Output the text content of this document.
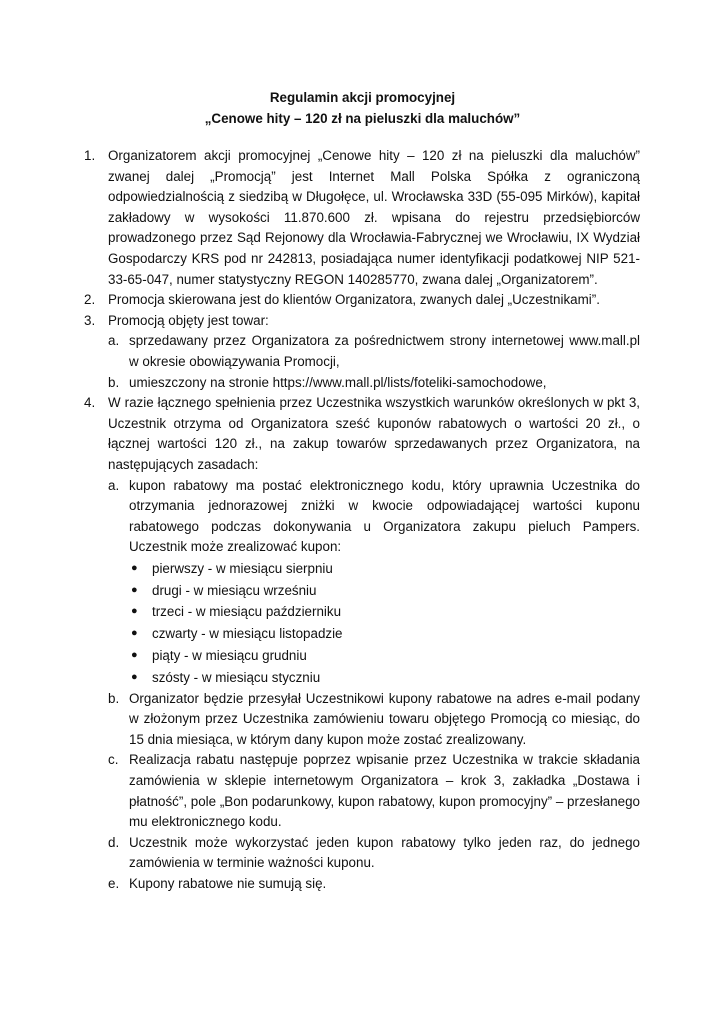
Regulamin akcji promocyjnej
„Cenowe hity – 120 zł na pieluszki dla maluchów”
1. Organizatorem akcji promocyjnej „Cenowe hity – 120 zł na pieluszki dla maluchów” zwanej dalej „Promocją” jest Internet Mall Polska Spółka z ograniczoną odpowiedzialnością z siedzibą w Długołęce, ul. Wrocławska 33D (55-095 Mirków), kapitał zakładowy w wysokości 11.870.600 zł. wpisana do rejestru przedsiębiorców prowadzonego przez Sąd Rejonowy dla Wrocławia-Fabrycznej we Wrocławiu, IX Wydział Gospodarczy KRS pod nr 242813, posiadająca numer identyfikacji podatkowej NIP 521-33-65-047, numer statystyczny REGON 140285770, zwana dalej „Organizatorem”.
2. Promocja skierowana jest do klientów Organizatora, zwanych dalej „Uczestnikami”.
3. Promocją objęty jest towar:
a. sprzedawany przez Organizatora za pośrednictwem strony internetowej www.mall.pl w okresie obowiązywania Promocji,
b. umieszczony na stronie https://www.mall.pl/lists/foteliki-samochodowe,
4. W razie łącznego spełnienia przez Uczestnika wszystkich warunków określonych w pkt 3, Uczestnik otrzyma od Organizatora sześć kuponów rabatowych o wartości 20 zł., o łącznej wartości 120 zł., na zakup towarów sprzedawanych przez Organizatora, na następujących zasadach:
a. kupon rabatowy ma postać elektronicznego kodu, który uprawnia Uczestnika do otrzymania jednorazowej zniżki w kwocie odpowiadającej wartości kuponu rabatowego podczas dokonywania u Organizatora zakupu pieluch Pampers. Uczestnik może zrealizować kupon:
● pierwszy - w miesiącu sierpniu
● drugi - w miesiącu wrześniu
● trzeci - w miesiącu październiku
● czwarty - w miesiącu listopadzie
● piąty - w miesiącu grudniu
● szósty - w miesiącu styczniu
b. Organizator będzie przesyłał Uczestnikowi kupony rabatowe na adres e-mail podany w złożonym przez Uczestnika zamówieniu towaru objętego Promocją co miesiąc, do 15 dnia miesiąca, w którym dany kupon może zostać zrealizowany.
c. Realizacja rabatu następuje poprzez wpisanie przez Uczestnika w trakcie składania zamówienia w sklepie internetowym Organizatora – krok 3, zakładka „Dostawa i płatność”, pole „Bon podarunkowy, kupon rabatowy, kupon promocyjny” – przesłanego mu elektronicznego kodu.
d. Uczestnik może wykorzystać jeden kupon rabatowy tylko jeden raz, do jednego zamówienia w terminie ważności kuponu.
e. Kupony rabatowe nie sumują się.
